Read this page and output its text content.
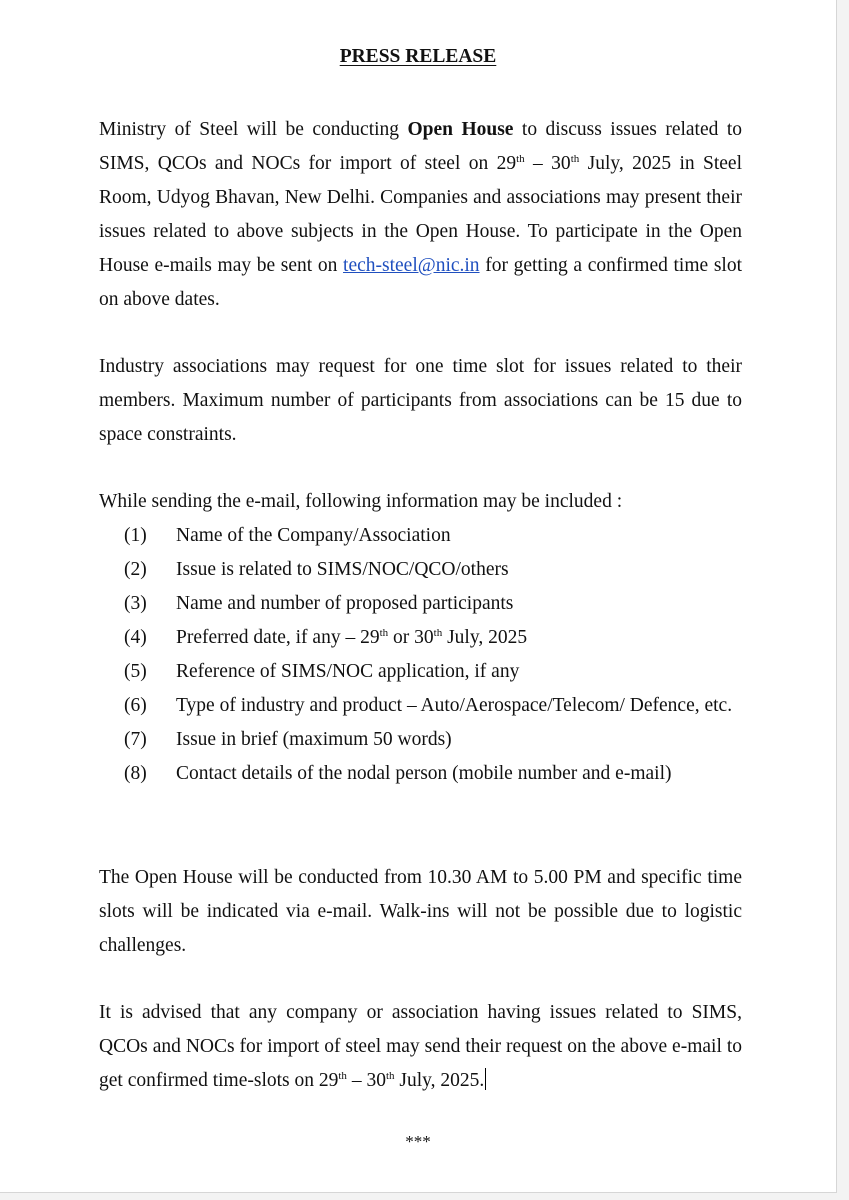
PRESS RELEASE

Ministry of Steel will be conducting Open House to discuss issues related to SIMS, QCOs and NOCs for import of steel on 29th – 30th July, 2025 in Steel Room, Udyog Bhavan, New Delhi. Companies and associations may present their issues related to above subjects in the Open House. To participate in the Open House e-mails may be sent on tech-steel@nic.in for getting a confirmed time slot on above dates.

Industry associations may request for one time slot for issues related to their members. Maximum number of participants from associations can be 15 due to space constraints.

While sending the e-mail, following information may be included :

(1) Name of the Company/Association
(2) Issue is related to SIMS/NOC/QCO/others
(3) Name and number of proposed participants
(4) Preferred date, if any – 29th or 30th July, 2025
(5) Reference of SIMS/NOC application, if any
(6) Type of industry and product – Auto/Aerospace/Telecom/ Defence, etc.
(7) Issue in brief (maximum 50 words)
(8) Contact details of the nodal person (mobile number and e-mail)

The Open House will be conducted from 10.30 AM to 5.00 PM and specific time slots will be indicated via e-mail. Walk-ins will not be possible due to logistic challenges.

It is advised that any company or association having issues related to SIMS, QCOs and NOCs for import of steel may send their request on the above e-mail to get confirmed time-slots on 29th – 30th July, 2025.

***
